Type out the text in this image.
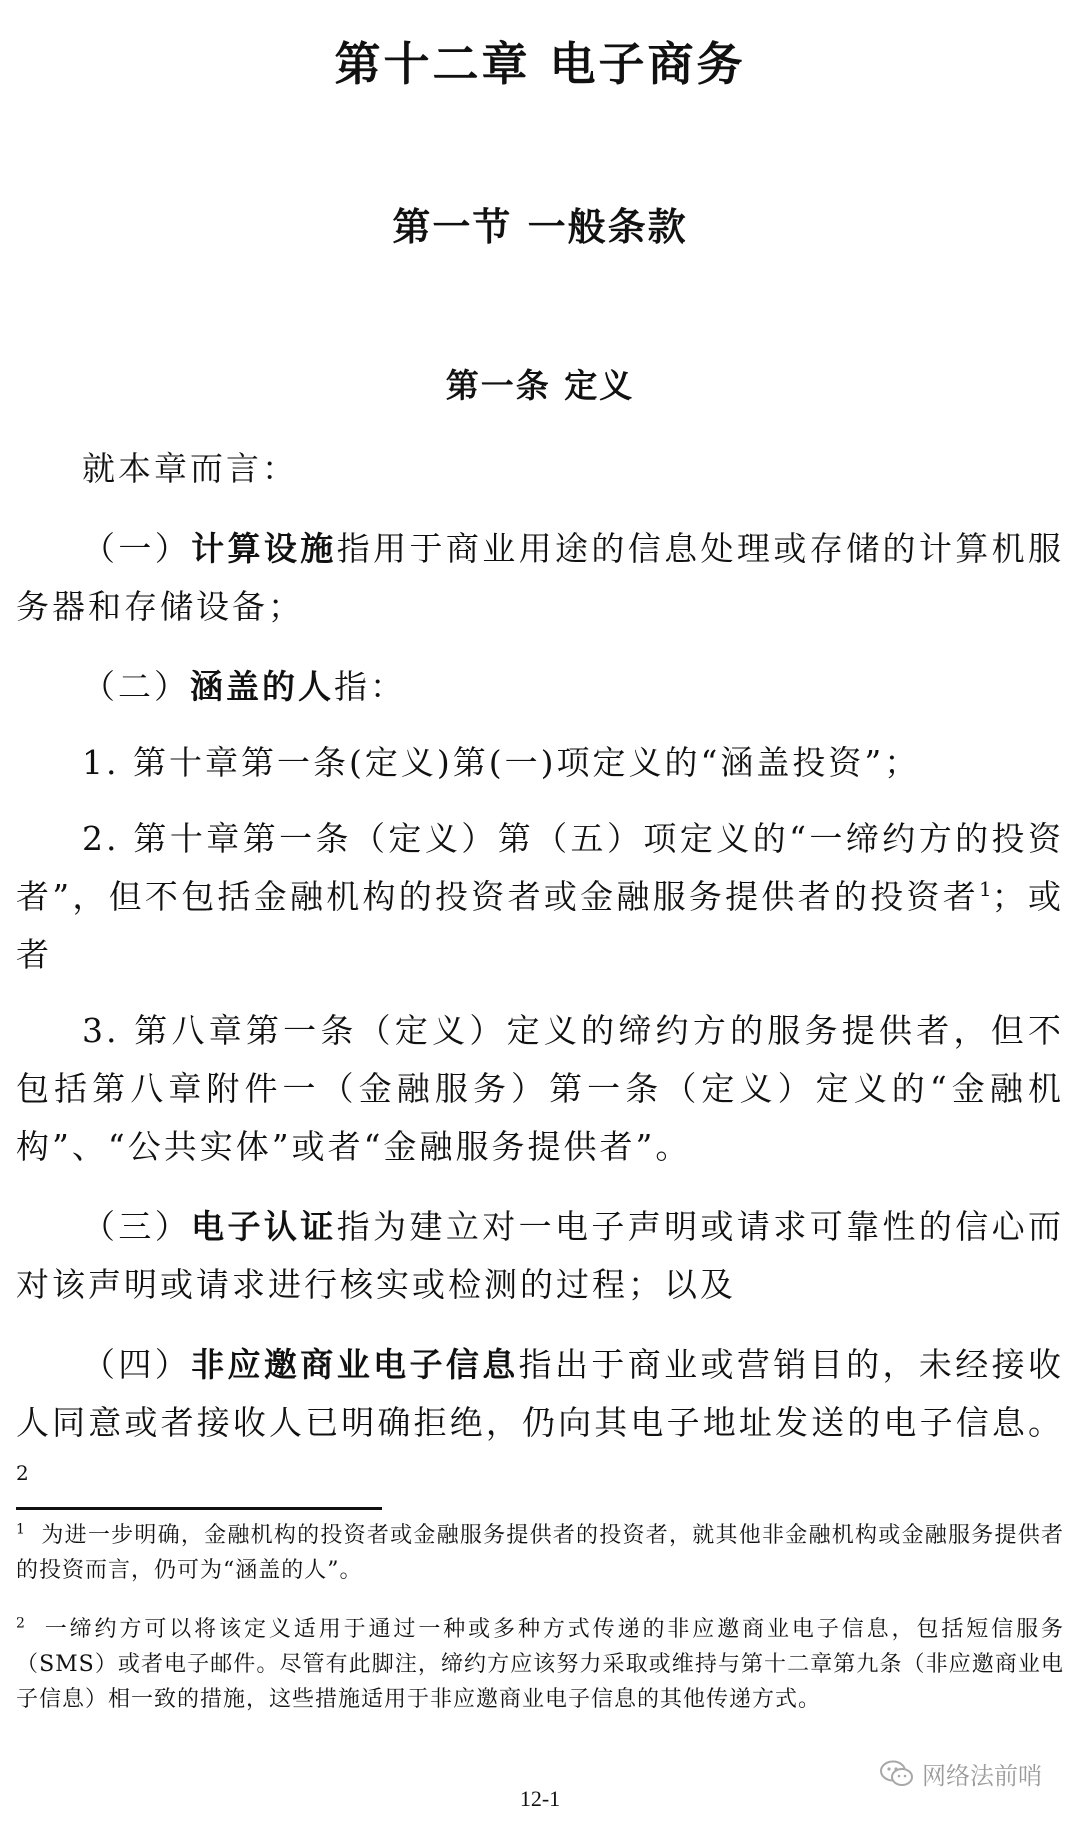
第十二章 电子商务
第一节 一般条款
第一条 定义

就本章而言：

（一）计算设施指用于商业用途的信息处理或存储的计算机服务器和存储设备；

（二）涵盖的人指：

1. 第十章第一条(定义)第(一)项定义的“涵盖投资”；

2. 第十章第一条（定义）第（五）项定义的“一缔约方的投资者”，但不包括金融机构的投资者或金融服务提供者的投资者$^1$；或者

3. 第八章第一条（定义）定义的缔约方的服务提供者，但不包括第八章附件一（金融服务）第一条（定义）定义的“金融机构”、“公共实体”或者“金融服务提供者”。

（三）电子认证指为建立对一电子声明或请求可靠性的信心而对该声明或请求进行核实或检测的过程；以及

（四）非应邀商业电子信息指出于商业或营销目的，未经接收人同意或者接收人已明确拒绝，仍向其电子地址发送的电子信息。$^2$

$^1$ 为进一步明确，金融机构的投资者或金融服务提供者的投资者，就其他非金融机构或金融服务提供者的投资而言，仍可为“涵盖的人”。

$^2$ 一缔约方可以将该定义适用于通过一种或多种方式传递的非应邀商业电子信息，包括短信服务（SMS）或者电子邮件。尽管有此脚注，缔约方应该努力采取或维持与第十二章第九条（非应邀商业电子信息）相一致的措施，这些措施适用于非应邀商业电子信息的其他传递方式。

网络法前哨
12-1
